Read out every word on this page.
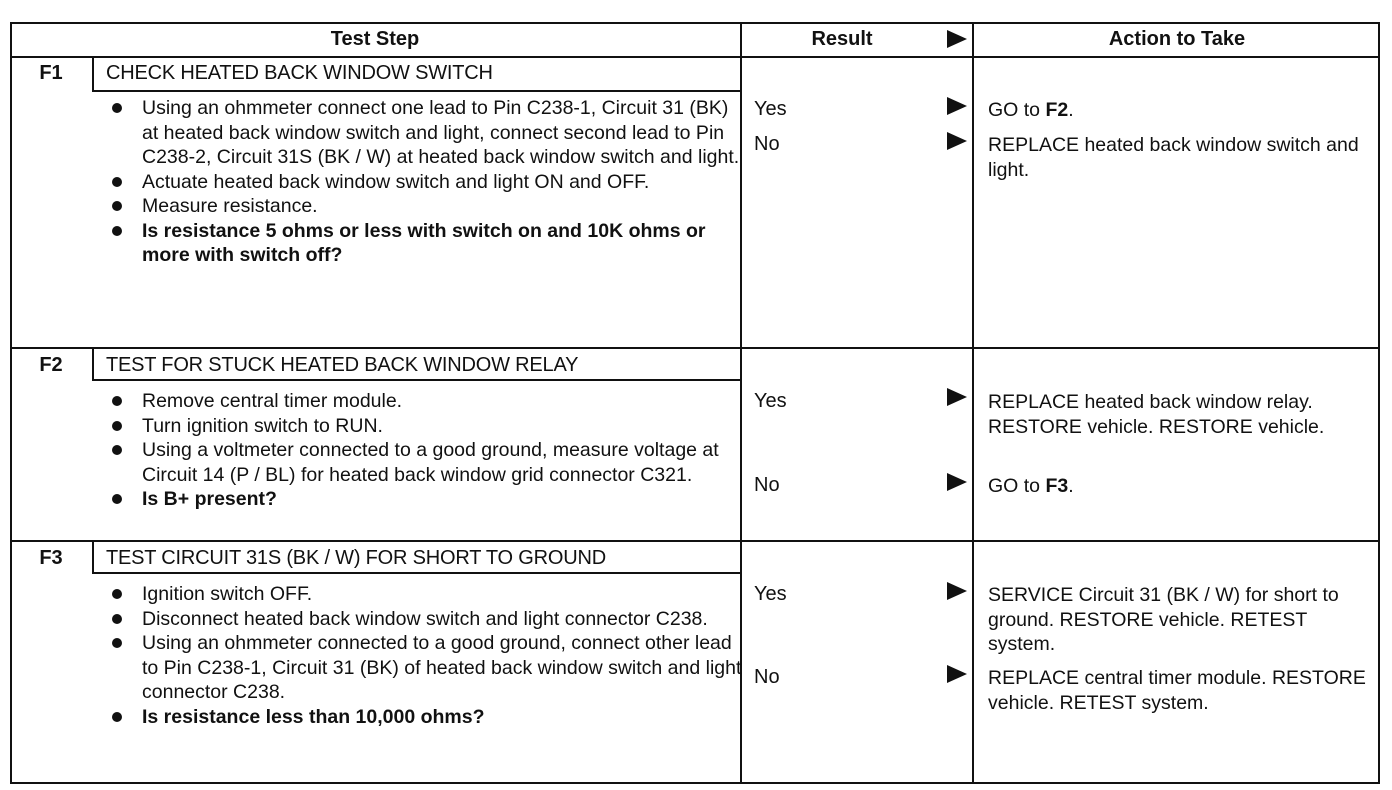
Test Step	Result	Action to Take
F1	CHECK HEATED BACK WINDOW SWITCH
Using an ohmmeter connect one lead to Pin C238-1, Circuit 31 (BK) at heated back window switch and light, connect second lead to Pin C238-2, Circuit 31S (BK / W) at heated back window switch and light.
Actuate heated back window switch and light ON and OFF.
Measure resistance.
Is resistance 5 ohms or less with switch on and 10K ohms or more with switch off?
Yes	GO to F2.
No	REPLACE heated back window switch and light.
F2	TEST FOR STUCK HEATED BACK WINDOW RELAY
Remove central timer module.
Turn ignition switch to RUN.
Using a voltmeter connected to a good ground, measure voltage at Circuit 14 (P / BL) for heated back window grid connector C321.
Is B+ present?
Yes	REPLACE heated back window relay. RESTORE vehicle. RESTORE vehicle.
No	GO to F3.
F3	TEST CIRCUIT 31S (BK / W) FOR SHORT TO GROUND
Ignition switch OFF.
Disconnect heated back window switch and light connector C238.
Using an ohmmeter connected to a good ground, connect other lead to Pin C238-1, Circuit 31 (BK) of heated back window switch and light connector C238.
Is resistance less than 10,000 ohms?
Yes	SERVICE Circuit 31 (BK / W) for short to ground. RESTORE vehicle. RETEST system.
No	REPLACE central timer module. RESTORE vehicle. RETEST system.
